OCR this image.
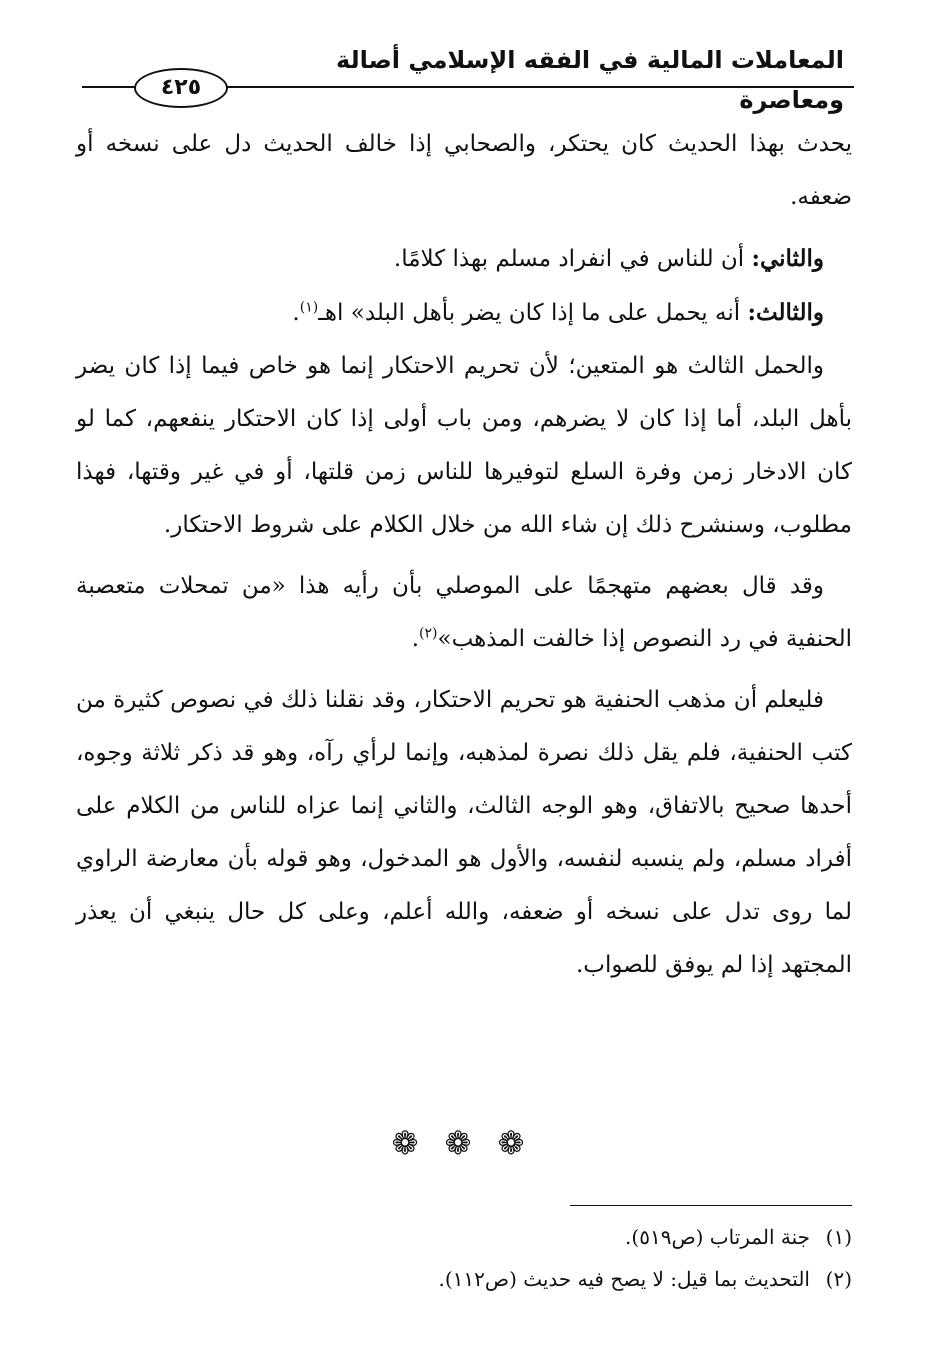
المعاملات المالية في الفقه الإسلامي أصالة ومعاصرة
٤٢٥

يحدث بهذا الحديث كان يحتكر، والصحابي إذا خالف الحديث دل على نسخه أو ضعفه.

والثاني: أن للناس في انفراد مسلم بهذا كلامًا.

والثالث: أنه يحمل على ما إذا كان يضر بأهل البلد» اهـ$^{(١)}$.

والحمل الثالث هو المتعين؛ لأن تحريم الاحتكار إنما هو خاص فيما إذا كان يضر بأهل البلد، أما إذا كان لا يضرهم، ومن باب أولى إذا كان الاحتكار ينفعهم، كما لو كان الادخار زمن وفرة السلع لتوفيرها للناس زمن قلتها، أو في غير وقتها، فهذا مطلوب، وسنشرح ذلك إن شاء الله من خلال الكلام على شروط الاحتكار.

وقد قال بعضهم متهجمًا على الموصلي بأن رأيه هذا «من تمحلات متعصبة الحنفية في رد النصوص إذا خالفت المذهب»$^{(٢)}$.

فليعلم أن مذهب الحنفية هو تحريم الاحتكار، وقد نقلنا ذلك في نصوص كثيرة من كتب الحنفية، فلم يقل ذلك نصرة لمذهبه، وإنما لرأي رآه، وهو قد ذكر ثلاثة وجوه، أحدها صحيح بالاتفاق، وهو الوجه الثالث، والثاني إنما عزاه للناس من الكلام على أفراد مسلم، ولم ينسبه لنفسه، والأول هو المدخول، وهو قوله بأن معارضة الراوي لما روى تدل على نسخه أو ضعفه، والله أعلم، وعلى كل حال ينبغي أن يعذر المجتهد إذا لم يوفق للصواب.

❁ ❁ ❁

(١)جنة المرتاب (ص٥١٩).

(٢)التحديث بما قيل: لا يصح فيه حديث (ص١١٢).
